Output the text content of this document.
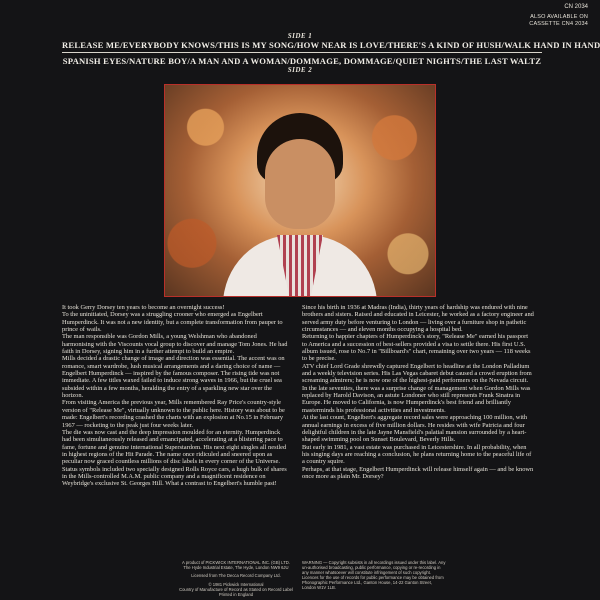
CN 2034
ALSO AVAILABLE ON
CASSETTE CN4 2034
SIDE 1
RELEASE ME/EVERYBODY KNOWS/THIS IS MY SONG/HOW NEAR IS LOVE/THERE'S A KIND OF HUSH/WALK HAND IN HAND
SPANISH EYES/NATURE BOY/A MAN AND A WOMAN/DOMMAGE, DOMMAGE/QUIET NIGHTS/THE LAST WALTZ
SIDE 2

It took Gerry Dorsey ten years to become an overnight success!

To the uninitiated, Dorsey was a struggling crooner who emerged as Engelbert Humperdinck. It was not a new identity, but a complete transformation from pauper to prince of wails.

The man responsible was Gordon Mills, a young Welshman who abandoned harmonising with the Viscounts vocal group to discover and manage Tom Jones. He had faith in Dorsey, signing him in a further attempt to build an empire.

Mills decided a drastic change of image and direction was essential. The accent was on romance, smart wardrobe, lush musical arrangements and a daring choice of name — Engelbert Humperdinck — inspired by the famous composer. The rising tide was not immediate. A few titles waxed failed to induce strong waves in 1966, but the cruel sea subsided within a few months, heralding the entry of a sparkling new star over the horizon.

From visiting America the previous year, Mills remembered Ray Price's country-style version of "Release Me", virtually unknown to the public here. History was about to be made: Engelbert's recording crashed the charts with an explosion at No.15 in February 1967 — rocketing to the peak just four weeks later.

The die was now cast and the deep impression moulded for an eternity. Humperdinck had been simultaneously released and emancipated, accelerating at a blistering pace to fame, fortune and genuine international Superstardom. His next eight singles all nestled in highest regions of the Hit Parade. The name once ridiculed and sneered upon as peculiar now graced countless millions of disc labels in every corner of the Universe.

Status symbols included two specially designed Rolls Royce cars, a hugh bulk of shares in the Mills-controlled M.A.M. public company and a magnificent residence on Weybridge's exclusive St. Georges Hill. What a contrast to Engelbert's humble past!

Since his birth in 1936 at Madras (India), thirty years of hardship was endured with nine brothers and sisters. Raised and educated in Leicester, he worked as a factory engineer and served army duty before venturing to London — living over a furniture shop in pathetic circumstances — and eleven months occupying a hospital bed.

Returning to happier chapters of Humperdinck's story, "Release Me" earned his passport to America and a succession of best-sellers provided a visa to settle there. His first U.S. album issued, rose to No.7 in "Billboard's" chart, remaining over two years — 118 weeks to be precise.

ATV chief Lord Grade shrewdly captured Engelbert to headline at the London Palladium and a weekly television series. His Las Vegas cabaret debut caused a crowd eruption from screaming admirers; he is now one of the highest-paid performers on the Nevada circuit.

In the late seventies, there was a surprise change of management when Gordon Mills was replaced by Harold Davison, an astute Londoner who still represents Frank Sinatra in Europe. He moved to California, is now Humperdinck's best friend and brilliantly masterminds his professional activities and investments.

At the last count, Engelbert's aggregate record sales were approaching 100 million, with annual earnings in excess of five million dollars. He resides with wife Patricia and four delightful children in the late Jayne Mansfield's palatial mansion surrounded by a heart-shaped swimming pool on Sunset Boulevard, Beverly Hills.

But early in 1981, a vast estate was purchased in Leicestershire. In all probability, when his singing days are reaching a conclusion, he plans returning home to the peaceful life of a country squire.

Perhaps, at that stage, Engelbert Humperdinck will release himself again — and be known once more as plain Mr. Dorsey?

A product of PICKWICK INTERNATIONAL INC. (GB) LTD.
The Hyde Industrial Estate, The Hyde, London NW9 6JU
Licensed from The Decca Record Company Ltd.
© 1981 Pickwick International
Country of Manufacture of Record as Stated on Record Label
Printed in England
WARNING — Copyright subsists in all recordings issued under this label. Any un-authorised broadcasting, public performance, copying or re-recording in any manner whatsoever will constitute infringement of such copyright. Licences for the use of records for public performance may be obtained from Phonographic Performance Ltd., Ganton House, 14-22 Ganton Street, London W1V 1LB.
